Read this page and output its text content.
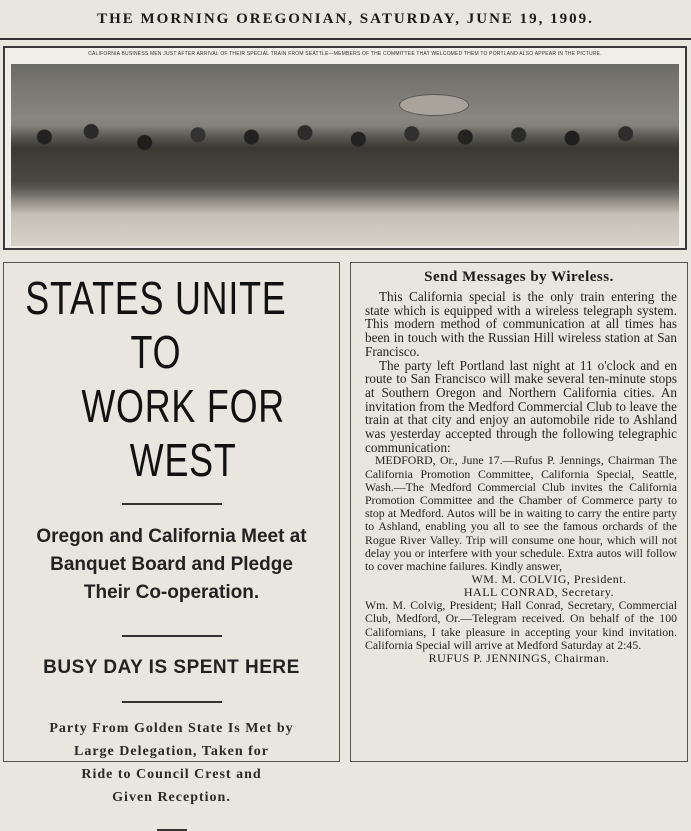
THE MORNING OREGONIAN, SATURDAY, JUNE 19, 1909.
CALIFORNIA BUSINESS MEN JUST AFTER ARRIVAL OF THEIR SPECIAL TRAIN FROM SEATTLE—MEMBERS OF THE COMMITTEE THAT WELCOMED THEM TO PORTLAND ALSO APPEAR IN THE PICTURE.
STATES UNITE TO
WORK FOR WEST
Oregon and California Meet at
Banquet Board and Pledge
Their Co-operation.
BUSY DAY IS SPENT HERE
Party From Golden State Is Met by
Large Delegation, Taken for
Ride to Council Crest and
Given Reception.
Send Messages by Wireless.

This California special is the only train entering the state which is equipped with a wireless telegraph system. This modern method of communication at all times has been in touch with the Russian Hill wireless station at San Francisco.

The party left Portland last night at 11 o'clock and en route to San Francisco will make several ten-minute stops at Southern Oregon and Northern California cities. An invitation from the Medford Commercial Club to leave the train at that city and enjoy an automobile ride to Ashland was yesterday accepted through the following telegraphic communication:

MEDFORD, Or., June 17.—Rufus P. Jennings, Chairman The California Promotion Committee, California Special, Seattle, Wash.—The Medford Commercial Club invites the California Promotion Committee and the Chamber of Commerce party to stop at Medford. Autos will be in waiting to carry the entire party to Ashland, enabling you all to see the famous orchards of the Rogue River Valley. Trip will consume one hour, which will not delay you or interfere with your schedule. Extra autos will follow to cover machine failures. Kindly answer,

WM. M. COLVIG, President.
HALL CONRAD, Secretary.

Wm. M. Colvig, President; Hall Conrad, Secretary, Commercial Club, Medford, Or.—Telegram received. On behalf of the 100 Californians, I take pleasure in accepting your kind invitation. California Special will arrive at Medford Saturday at 2:45.

RUFUS P. JENNINGS, Chairman.
